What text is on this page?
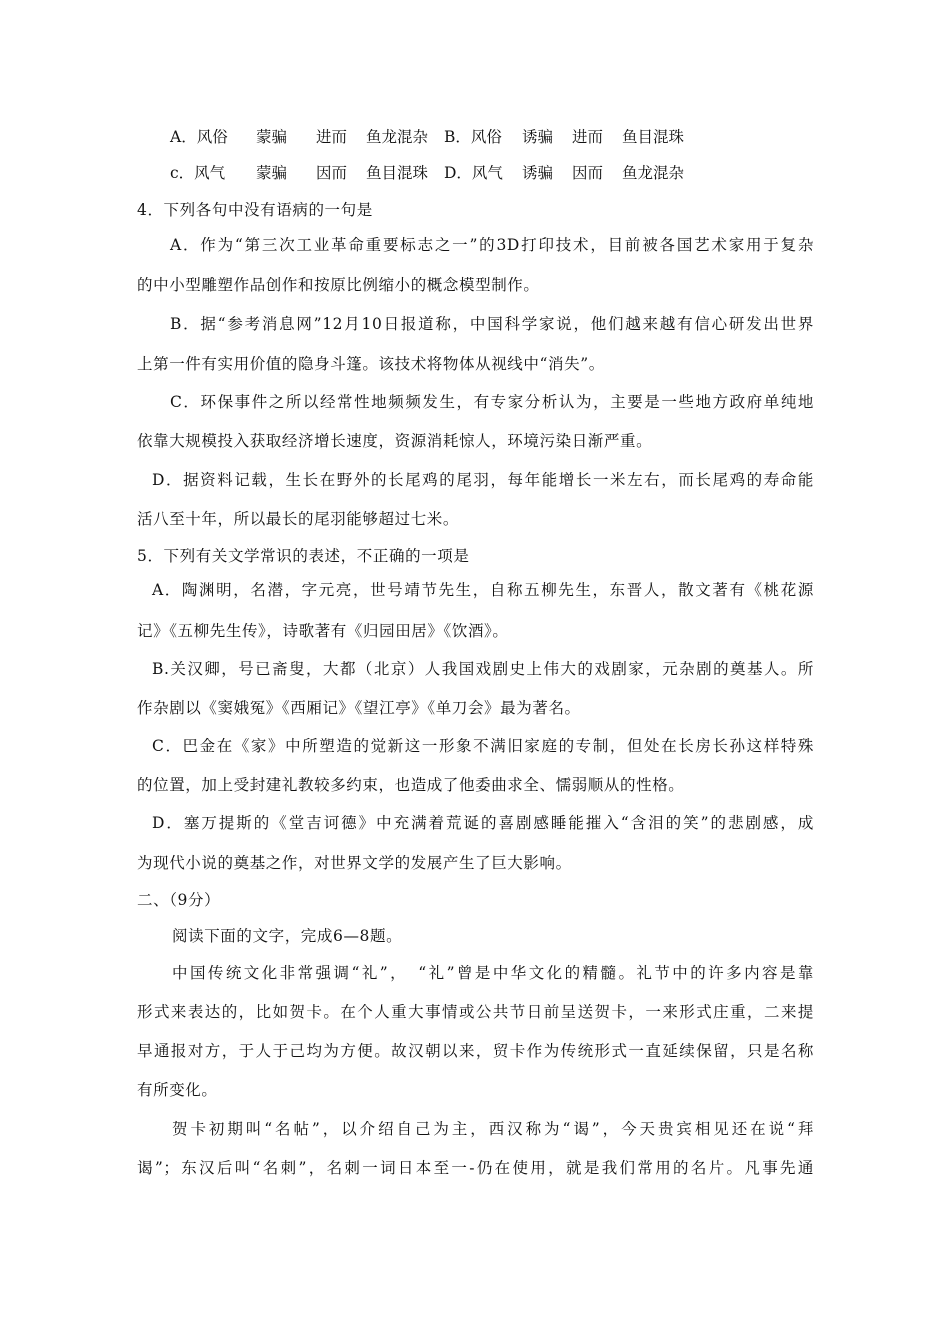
A．风俗 蒙骗 进而 鱼龙混杂 B．风俗 诱骗 进而 鱼目混珠
c．风气 蒙骗 因而 鱼目混珠 D．风气 诱骗 因而 鱼龙混杂
4．下列各句中没有语病的一句是
A．作为“第三次工业革命重要标志之一”的3D打印技术，目前被各国艺术家用于复杂
的中小型雕塑作品创作和按原比例缩小的概念模型制作。
B．据“参考消息网”12月10日报道称，中国科学家说，他们越来越有信心研发出世界
上第一件有实用价值的隐身斗篷。该技术将物体从视线中“消失”。
C．环保事件之所以经常性地频频发生，有专家分析认为，主要是一些地方政府单纯地
依靠大规模投入获取经济增长速度，资源消耗惊人，环境污染日渐严重。
D．据资料记载，生长在野外的长尾鸡的尾羽，每年能增长一米左右，而长尾鸡的寿命能
活八至十年，所以最长的尾羽能够超过七米。
5．下列有关文学常识的表述，不正确的一项是
A．陶渊明，名潜，字元亮，世号靖节先生，自称五柳先生，东晋人，散文著有《桃花源
记》《五柳先生传》，诗歌著有《归园田居》《饮酒》。
B.关汉卿，号已斋叟，大都（北京）人我国戏剧史上伟大的戏剧家，元杂剧的奠基人。所
作杂剧以《窦娥冤》《西厢记》《望江亭》《单刀会》最为著名。
C．巴金在《家》中所塑造的觉新这一形象不满旧家庭的专制，但处在长房长孙这样特殊
的位置，加上受封建礼教较多约束，也造成了他委曲求全、懦弱顺从的性格。
D．塞万提斯的《堂吉诃德》中充满着荒诞的喜剧感睡能摧入“含泪的笑”的悲剧感，成
为现代小说的奠基之作，对世界文学的发展产生了巨大影响。
二、（9分）
阅读下面的文字，完成6—8题。
中国传统文化非常强调“礼”，　“礼”曾是中华文化的精髓。礼节中的许多内容是靠
形式来表达的，比如贺卡。在个人重大事情或公共节日前呈送贺卡，一来形式庄重，二来提
早通报对方，于人于己均为方便。故汉朝以来，贸卡作为传统形式一直延续保留，只是名称
有所变化。
贺卡初期叫“名帖”，以介绍自己为主，西汉称为“谒”，今天贵宾相见还在说“拜
谒”；东汉后叫“名刺”，名刺一词日本至一-仍在使用，就是我们常用的名片。凡事先通
